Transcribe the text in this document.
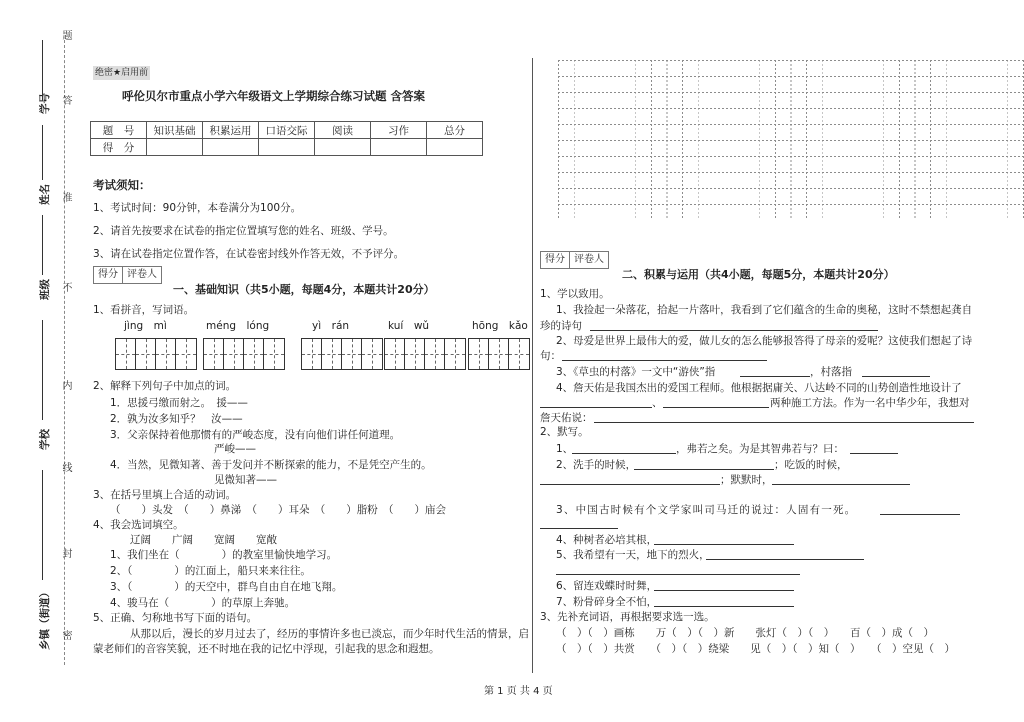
题
答
准
不
内
线
封
密
学号
姓名
班级
学校
乡镇（街道）
绝密★启用前
呼伦贝尔市重点小学六年级语文上学期综合练习试题 含答案
题　号	知识基础	积累运用	口语交际	阅读	习作	总分
得　分						
考试须知：
1、考试时间：90分钟，本卷满分为100分。
2、请首先按要求在试卷的指定位置填写您的姓名、班级、学号。
3、请在试卷指定位置作答，在试卷密封线外作答无效，不予评分。
得分 评卷人
一、基础知识（共5小题，每题4分，本题共计20分）
1、看拼音，写词语。
jìng　mì	méng　lóng	yì　rán	kuí　wǔ	hōng　kǎo
2、解释下列句子中加点的词。
1．思援弓缴而射之。　援——
2．孰为汝多知乎？　汝——
3．父亲保持着他那惯有的严峻态度，没有向他们讲任何道理。
严峻——
4．当然，见微知著、善于发问并不断探索的能力，不是凭空产生的。
见微知著——
3、在括号里填上合适的动词。
（　　）头发　（　　）鼻涕　（　　）耳朵　（　　）脂粉　（　　）庙会
4、我会选词填空。
辽阔　　广阔　　宽阔　　宽敞
1、我们坐在（　　　　）的教室里愉快地学习。
2、（　　　　）的江面上，船只来来往往。
3、（　　　　）的天空中，群鸟自由自在地飞翔。
4、骏马在（　　　　）的草原上奔驰。
5、正确、匀称地书写下面的语句。
从那以后，漫长的岁月过去了，经历的事情许多也已淡忘，而少年时代生活的情景，启
蒙老师们的音容笑貌，还不时地在我的记忆中浮现，引起我的思念和遐想。
得分 评卷人
二、积累与运用（共4小题，每题5分，本题共计20分）
1、学以致用。
1、我捡起一朵落花，拾起一片落叶，我看到了它们蕴含的生命的奥秘，这时不禁想起龚自
珍的诗句
2、母爱是世界上最伟大的爱，做儿女的怎么能够报答得了母亲的爱呢？这使我们想起了诗
句：
3、《草虫的村落》一文中“游侠”指	，村落指
4、詹天佑是我国杰出的爱国工程师。他根据据庸关、八达岭不同的山势创造性地设计了
、	两种施工方法。作为一名中华少年，我想对
詹天佑说：
2、默写。
1、	，弗若之矣。为是其智弗若与？曰：
2、洗手的时候，	；吃饭的时候，
；默默时，
3、中国古时候有个文学家叫司马迁的说过：人固有一死。
4、种树者必培其根，
5、我希望有一天，地下的烈火，
6、留连戏蝶时时舞，
7、粉骨碎身全不怕，
3、先补充词语，再根据要求选一选。
（　）（　）画栋　　万（　）（　）新　　张灯（　）（　）　　百（　）成（　）
（　）（　）共赏　　（　）（　）绕梁　　见（　）（　）知（　）　　（　）空见（　）
第 1 页 共 4 页
